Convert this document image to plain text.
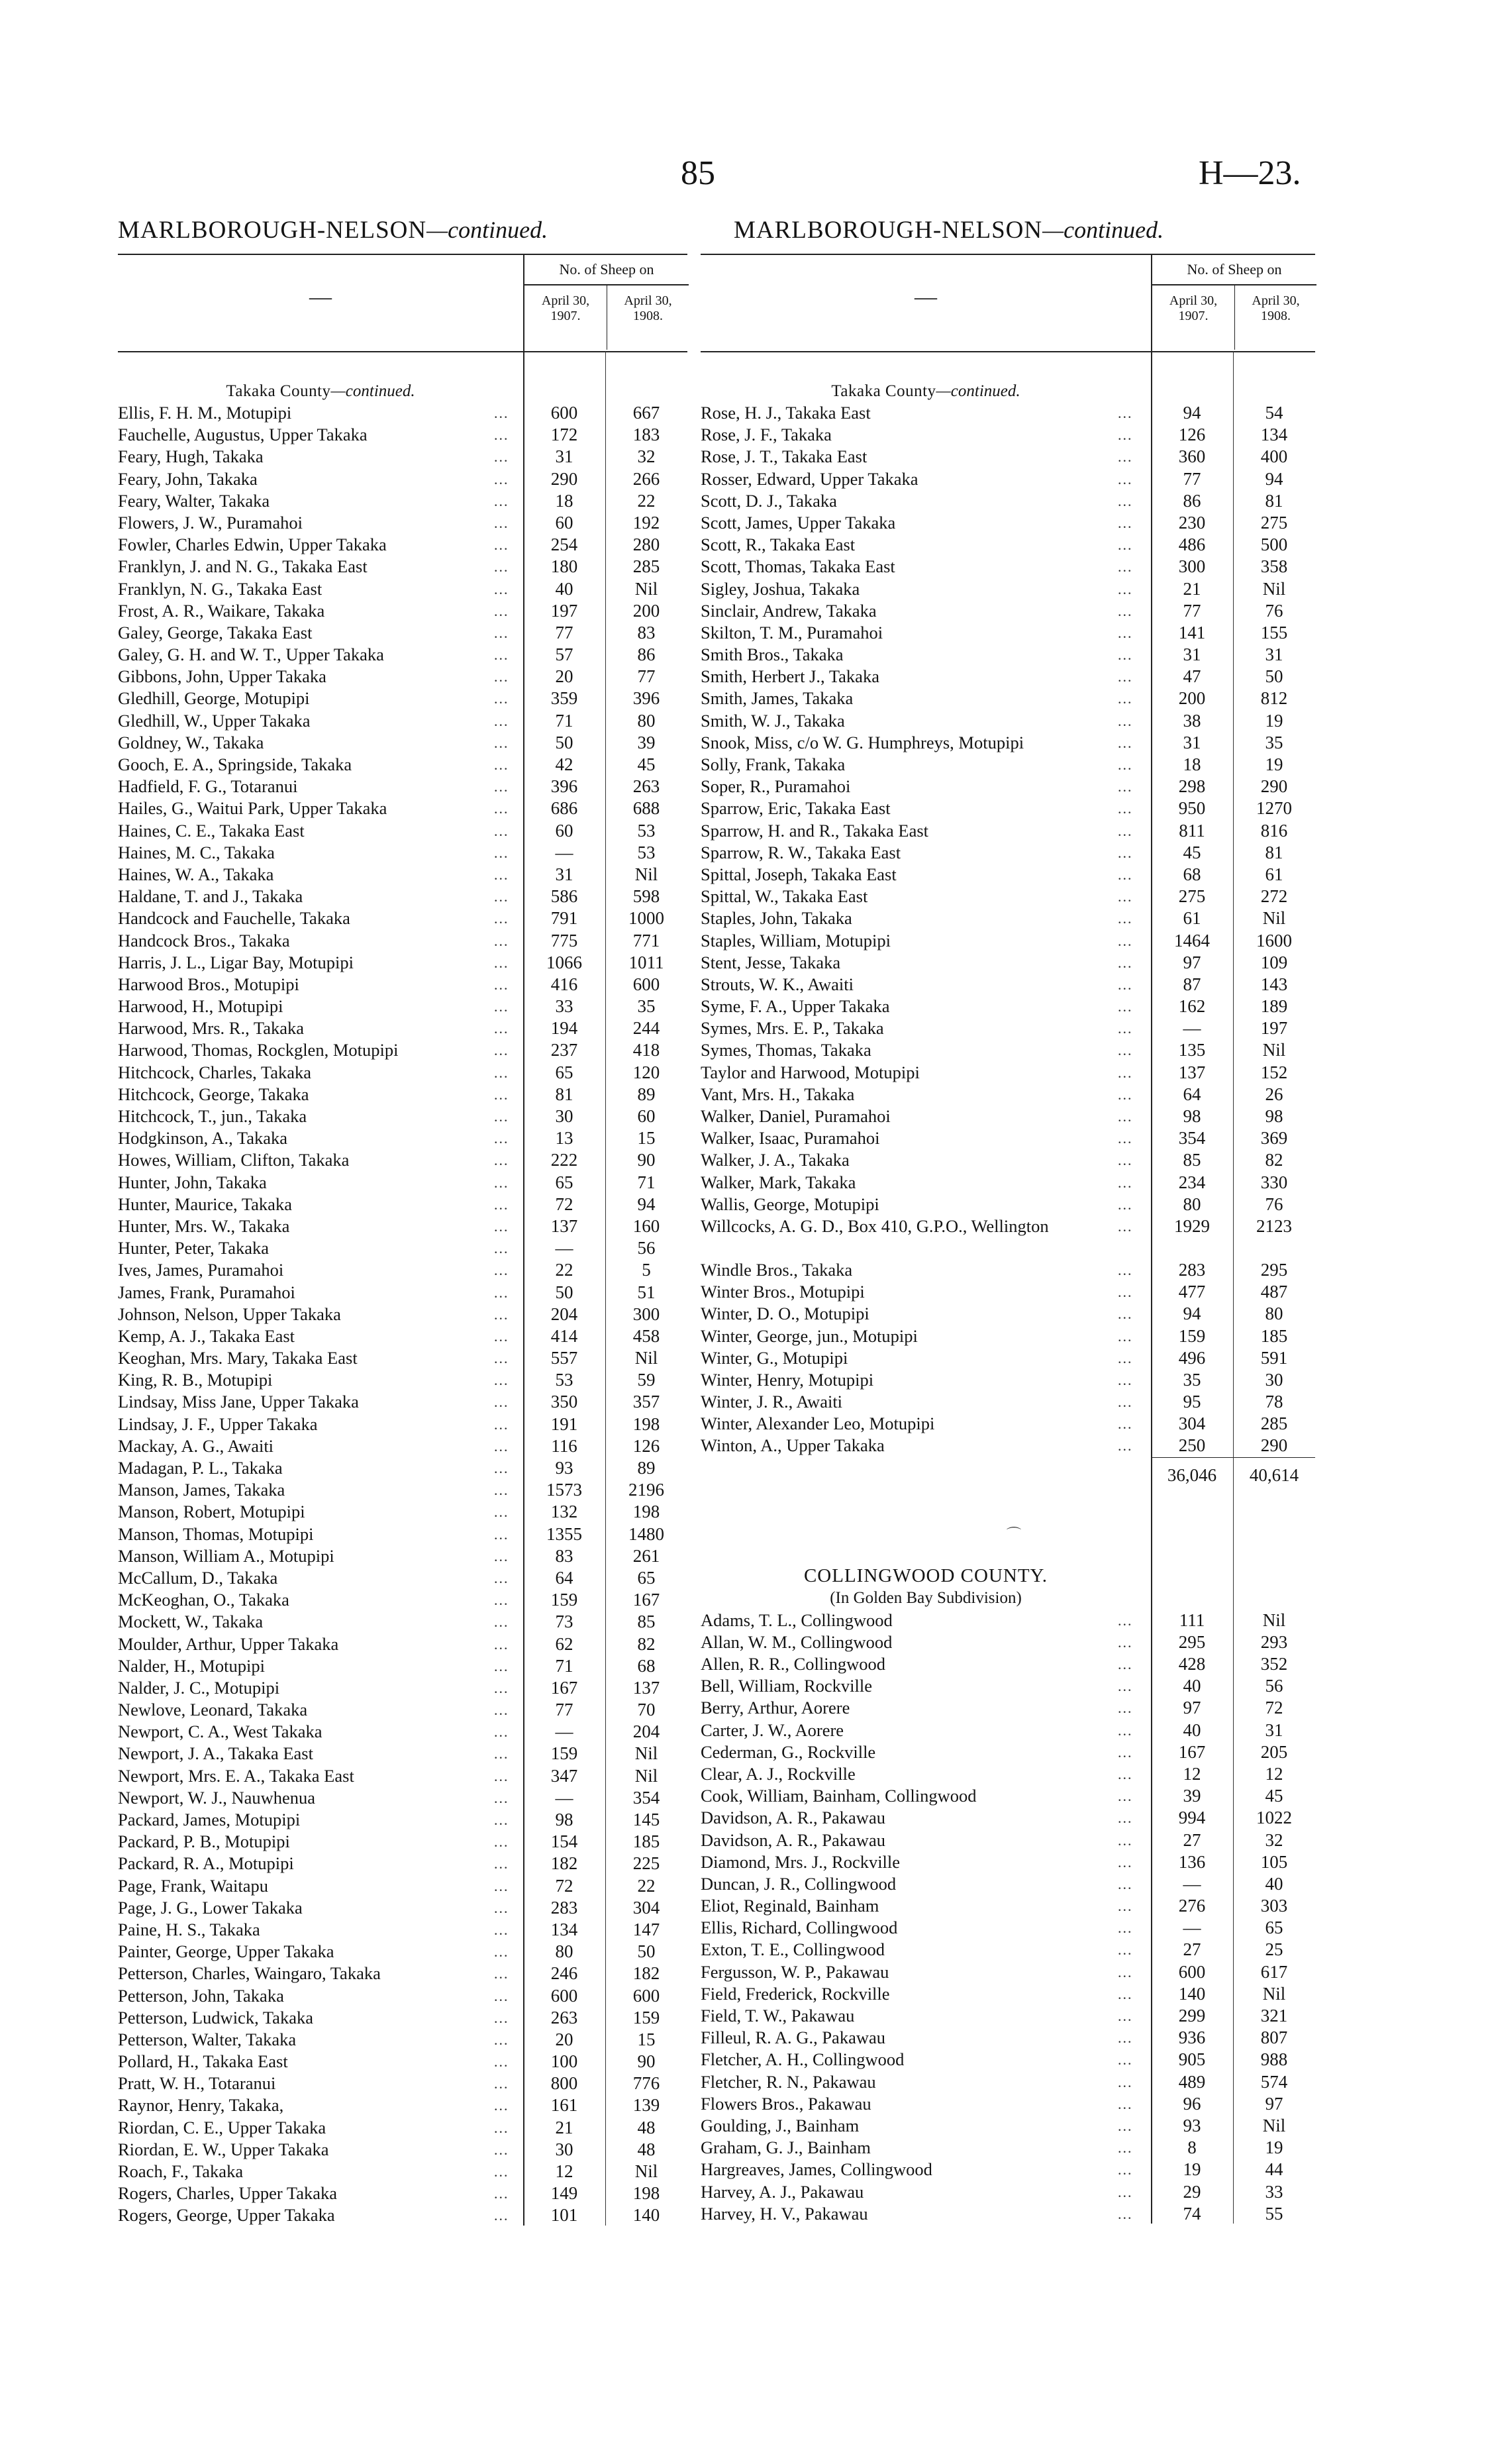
85	H—23.
MARLBOROUGH-NELSON—continued.
—
No. of Sheep on
April 30,
1907.
April 30,
1908.
Takaka County—continued.
Ellis, F. H. M., Motupipi	...	600	667
Fauchelle, Augustus, Upper Takaka	...	172	183
Feary, Hugh, Takaka	...	31	32
Feary, John, Takaka	...	290	266
Feary, Walter, Takaka	...	18	22
Flowers, J. W., Puramahoi	...	60	192
Fowler, Charles Edwin, Upper Takaka	...	254	280
Franklyn, J. and N. G., Takaka East	...	180	285
Franklyn, N. G., Takaka East	...	40	Nil
Frost, A. R., Waikare, Takaka	...	197	200
Galey, George, Takaka East	...	77	83
Galey, G. H. and W. T., Upper Takaka	...	57	86
Gibbons, John, Upper Takaka	...	20	77
Gledhill, George, Motupipi	...	359	396
Gledhill, W., Upper Takaka	...	71	80
Goldney, W., Takaka	...	50	39
Gooch, E. A., Springside, Takaka	...	42	45
Hadfield, F. G., Totaranui	...	396	263
Hailes, G., Waitui Park, Upper Takaka	...	686	688
Haines, C. E., Takaka East	...	60	53
Haines, M. C., Takaka	...	—	53
Haines, W. A., Takaka	...	31	Nil
Haldane, T. and J., Takaka	...	586	598
Handcock and Fauchelle, Takaka	...	791	1000
Handcock Bros., Takaka	...	775	771
Harris, J. L., Ligar Bay, Motupipi	...	1066	1011
Harwood Bros., Motupipi	...	416	600
Harwood, H., Motupipi	...	33	35
Harwood, Mrs. R., Takaka	...	194	244
Harwood, Thomas, Rockglen, Motupipi	...	237	418
Hitchcock, Charles, Takaka	...	65	120
Hitchcock, George, Takaka	...	81	89
Hitchcock, T., jun., Takaka	...	30	60
Hodgkinson, A., Takaka	...	13	15
Howes, William, Clifton, Takaka	...	222	90
Hunter, John, Takaka	...	65	71
Hunter, Maurice, Takaka	...	72	94
Hunter, Mrs. W., Takaka	...	137	160
Hunter, Peter, Takaka	...	—	56
Ives, James, Puramahoi	...	22	5
James, Frank, Puramahoi	...	50	51
Johnson, Nelson, Upper Takaka	...	204	300
Kemp, A. J., Takaka East	...	414	458
Keoghan, Mrs. Mary, Takaka East	...	557	Nil
King, R. B., Motupipi	...	53	59
Lindsay, Miss Jane, Upper Takaka	...	350	357
Lindsay, J. F., Upper Takaka	...	191	198
Mackay, A. G., Awaiti	...	116	126
Madagan, P. L., Takaka	...	93	89
Manson, James, Takaka	...	1573	2196
Manson, Robert, Motupipi	...	132	198
Manson, Thomas, Motupipi	...	1355	1480
Manson, William A., Motupipi	...	83	261
McCallum, D., Takaka	...	64	65
McKeoghan, O., Takaka	...	159	167
Mockett, W., Takaka	...	73	85
Moulder, Arthur, Upper Takaka	...	62	82
Nalder, H., Motupipi	...	71	68
Nalder, J. C., Motupipi	...	167	137
Newlove, Leonard, Takaka	...	77	70
Newport, C. A., West Takaka	...	—	204
Newport, J. A., Takaka East	...	159	Nil
Newport, Mrs. E. A., Takaka East	...	347	Nil
Newport, W. J., Nauwhenua	...	—	354
Packard, James, Motupipi	...	98	145
Packard, P. B., Motupipi	...	154	185
Packard, R. A., Motupipi	...	182	225
Page, Frank, Waitapu	...	72	22
Page, J. G., Lower Takaka	...	283	304
Paine, H. S., Takaka	...	134	147
Painter, George, Upper Takaka	...	80	50
Petterson, Charles, Waingaro, Takaka	...	246	182
Petterson, John, Takaka	...	600	600
Petterson, Ludwick, Takaka	...	263	159
Petterson, Walter, Takaka	...	20	15
Pollard, H., Takaka East	...	100	90
Pratt, W. H., Totaranui	...	800	776
Raynor, Henry, Takaka,	...	161	139
Riordan, C. E., Upper Takaka	...	21	48
Riordan, E. W., Upper Takaka	...	30	48
Roach, F., Takaka	...	12	Nil
Rogers, Charles, Upper Takaka	...	149	198
Rogers, George, Upper Takaka	...	101	140
MARLBOROUGH-NELSON—continued.
—
No. of Sheep on
April 30,
1907.
April 30,
1908.
Takaka County—continued.
Rose, H. J., Takaka East	...	94	54
Rose, J. F., Takaka	...	126	134
Rose, J. T., Takaka East	...	360	400
Rosser, Edward, Upper Takaka	...	77	94
Scott, D. J., Takaka	...	86	81
Scott, James, Upper Takaka	...	230	275
Scott, R., Takaka East	...	486	500
Scott, Thomas, Takaka East	...	300	358
Sigley, Joshua, Takaka	...	21	Nil
Sinclair, Andrew, Takaka	...	77	76
Skilton, T. M., Puramahoi	...	141	155
Smith Bros., Takaka	...	31	31
Smith, Herbert J., Takaka	...	47	50
Smith, James, Takaka	...	200	812
Smith, W. J., Takaka	...	38	19
Snook, Miss, c/o W. G. Humphreys, Motupipi	...	31	35
Solly, Frank, Takaka	...	18	19
Soper, R., Puramahoi	...	298	290
Sparrow, Eric, Takaka East	...	950	1270
Sparrow, H. and R., Takaka East	...	811	816
Sparrow, R. W., Takaka East	...	45	81
Spittal, Joseph, Takaka East	...	68	61
Spittal, W., Takaka East	...	275	272
Staples, John, Takaka	...	61	Nil
Staples, William, Motupipi	...	1464	1600
Stent, Jesse, Takaka	...	97	109
Strouts, W. K., Awaiti	...	87	143
Syme, F. A., Upper Takaka	...	162	189
Symes, Mrs. E. P., Takaka	...	—	197
Symes, Thomas, Takaka	...	135	Nil
Taylor and Harwood, Motupipi	...	137	152
Vant, Mrs. H., Takaka	...	64	26
Walker, Daniel, Puramahoi	...	98	98
Walker, Isaac, Puramahoi	...	354	369
Walker, J. A., Takaka	...	85	82
Walker, Mark, Takaka	...	234	330
Wallis, George, Motupipi	...	80	76
Willcocks, A. G. D., Box 410, G.P.O., Wellington	...	1929	2123
Windle Bros., Takaka	...	283	295
Winter Bros., Motupipi	...	477	487
Winter, D. O., Motupipi	...	94	80
Winter, George, jun., Motupipi	...	159	185
Winter, G., Motupipi	...	496	591
Winter, Henry, Motupipi	...	35	30
Winter, J. R., Awaiti	...	95	78
Winter, Alexander Leo, Motupipi	...	304	285
Winton, A., Upper Takaka	...	250	290
36,046	40,614
COLLINGWOOD COUNTY.
(In Golden Bay Subdivision)
Adams, T. L., Collingwood	...	111	Nil
Allan, W. M., Collingwood	...	295	293
Allen, R. R., Collingwood	...	428	352
Bell, William, Rockville	...	40	56
Berry, Arthur, Aorere	...	97	72
Carter, J. W., Aorere	...	40	31
Cederman, G., Rockville	...	167	205
Clear, A. J., Rockville	...	12	12
Cook, William, Bainham, Collingwood	...	39	45
Davidson, A. R., Pakawau	...	994	1022
Davidson, A. R., Pakawau	...	27	32
Diamond, Mrs. J., Rockville	...	136	105
Duncan, J. R., Collingwood	...	—	40
Eliot, Reginald, Bainham	...	276	303
Ellis, Richard, Collingwood	...	—	65
Exton, T. E., Collingwood	...	27	25
Fergusson, W. P., Pakawau	...	600	617
Field, Frederick, Rockville	...	140	Nil
Field, T. W., Pakawau	...	299	321
Filleul, R. A. G., Pakawau	...	936	807
Fletcher, A. H., Collingwood	...	905	988
Fletcher, R. N., Pakawau	...	489	574
Flowers Bros., Pakawau	...	96	97
Goulding, J., Bainham	...	93	Nil
Graham, G. J., Bainham	...	8	19
Hargreaves, James, Collingwood	...	19	44
Harvey, A. J., Pakawau	...	29	33
Harvey, H. V., Pakawau	...	74	55
⌒
